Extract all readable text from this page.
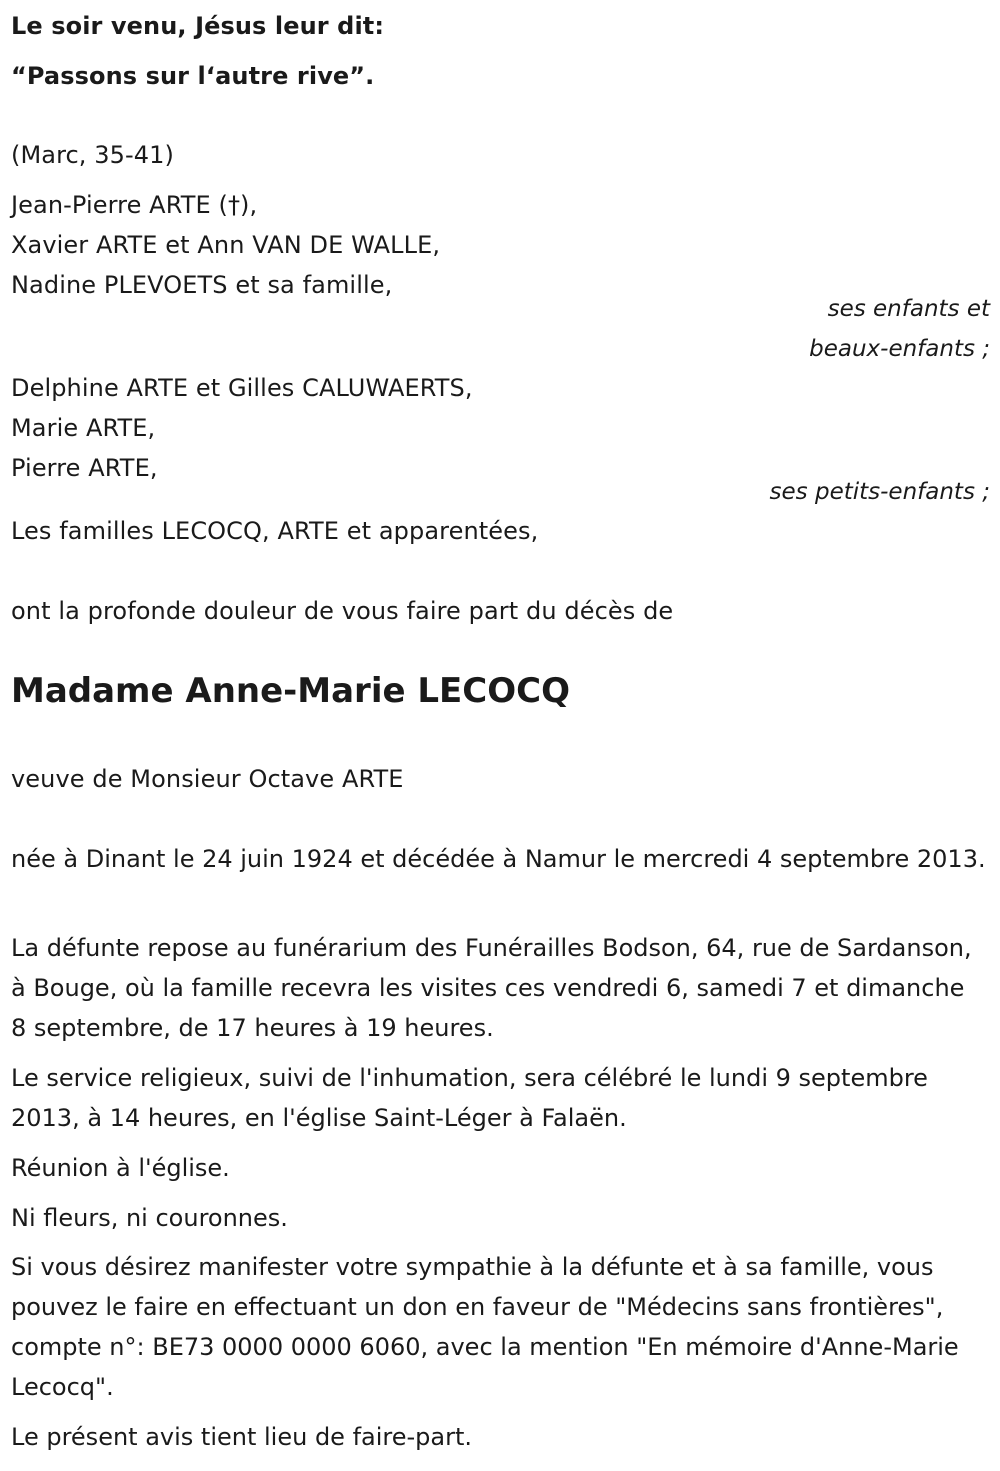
Le soir venu, Jésus leur dit:
“Passons sur l‘autre rive”.
(Marc, 35-41)
Jean-Pierre ARTE (†),
Xavier ARTE et Ann VAN DE WALLE,
Nadine PLEVOETS et sa famille,
ses enfants et
beaux-enfants ;
Delphine ARTE et Gilles CALUWAERTS,
Marie ARTE,
Pierre ARTE,
ses petits-enfants ;
Les familles LECOCQ, ARTE et apparentées,
ont la profonde douleur de vous faire part du décès de
Madame Anne-Marie LECOCQ
veuve de Monsieur Octave ARTE
née à Dinant le 24 juin 1924 et décédée à Namur le mercredi 4 septembre 2013.
La défunte repose au funérarium des Funérailles Bodson, 64, rue de Sardanson, à Bouge, où la famille recevra les visites ces vendredi 6, samedi 7 et dimanche 8 septembre, de 17 heures à 19 heures.
Le service religieux, suivi de l'inhumation, sera célébré le lundi 9 septembre 2013, à 14 heures, en l'église Saint-Léger à Falaën.
Réunion à l'église.
Ni fleurs, ni couronnes.
Si vous désirez manifester votre sympathie à la défunte et à sa famille, vous pouvez le faire en effectuant un don en faveur de "Médecins sans frontières", compte n°: BE73 0000 0000 6060, avec la mention "En mémoire d'Anne-Marie Lecocq".
Le présent avis tient lieu de faire-part.
